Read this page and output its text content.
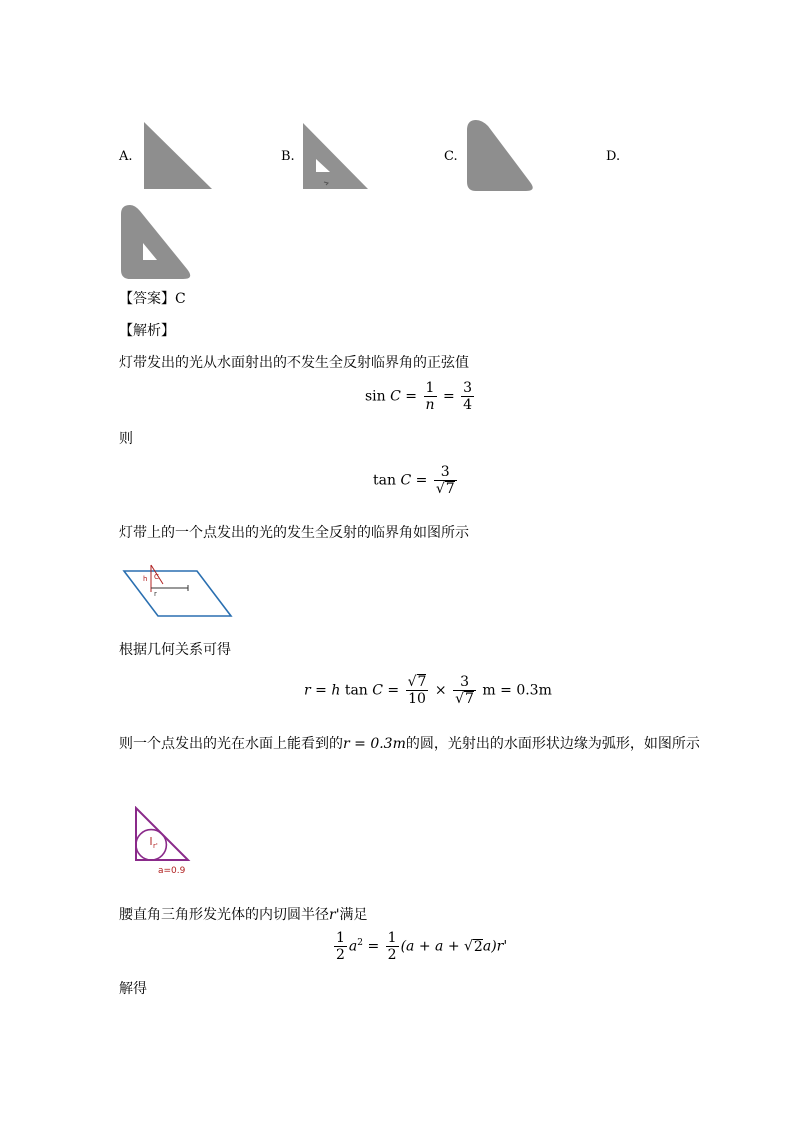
A.	B.	C.	D.
【答案】C
【解析】
灯带发出的光从水面射出的不发生全反射临界角的正弦值
$\sin C = \frac{1}{n} = \frac{3}{4}$
则
$\tan C = \frac{3}{√7}$
灯带上的一个点发出的光的发生全反射的临界角如图所示
h C
r
根据几何关系可得
r = h $\tan C = \frac{√7}{10} \times \frac{3}{√7}$ m = 0.3m
则一个点发出的光在水面上能看到的r = 0.3m的圆，光射出的水面形状边缘为弧形，如图所示
r'
a=0.9
腰直角三角形发光体的内切圆半径r'满足
$\frac{1}{2} a^2 = \frac{1}{2} (a + a + √2a)r'$
解得
